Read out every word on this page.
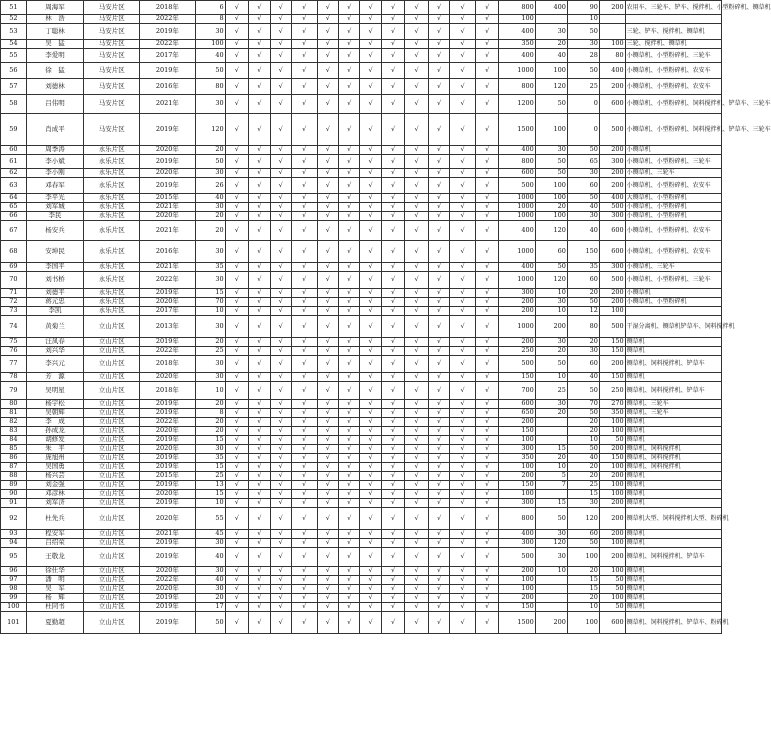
51	周海军	马安片区	2018年	6	√	√	√	√	√	√	√	√	√	√	√	√	800	400	90	200	农用车、三轮车、铲车、搅拌机、小型粉碎机、铡草机
52	林　浩	马安片区	2022年	8	√	√	√	√	√	√	√	√	√	√	√	√	100		10		
53	丁聪林	马安片区	2019年	30	√	√	√	√	√	√	√	√	√	√	√	√	400	30	50		三轮、铲车、搅拌机、铡草机
54	吴　猛	马安片区	2022年	100	√	√	√	√	√	√	√	√	√	√	√	√	350	20	30	100	三轮、搅拌机、铡草机
55	李爱明	马安片区	2017年	40	√	√	√	√	√	√	√	√	√	√	√	√	400	40	28	80	小铡草机、小型粉碎机、三轮车
56	徐　猛	马安片区	2019年	50	√	√	√	√	√	√	√	√	√	√	√	√	1000	100	50	400	小铡草机、小型粉碎机、农安车
57	刘德林	马安片区	2016年	80	√	√	√	√	√	√	√	√	√	√	√	√	800	120	25	200	小铡草机、小型粉碎机、农安车
58	吕伟明	马安片区	2021年	30	√	√	√	√	√	√	√	√	√	√	√	√	1200	50	0	600	小铡草机、小型粉碎机、饲料搅拌机、铲草车、三轮车
59	肖成平	马安片区	2019年	120	√	√	√	√	√	√	√	√	√	√	√	√	1500	100	0	500	小铡草机、小型粉碎机、饲料搅拌机、铲草车、三轮车
60	周季涛	永乐片区	2020年	20	√	√	√	√	√	√	√	√	√	√	√	√	400	30	50	200	小铡草机
61	李小斌	永乐片区	2019年	50	√	√	√	√	√	√	√	√	√	√	√	√	800	50	65	300	小铡草机、小型粉碎机、三轮车
62	李小刚	永乐片区	2020年	30	√	√	√	√	√	√	√	√	√	√	√	√	600	50	30	200	小铡草机、三轮车
63	邓春军	永乐片区	2019年	26	√	√	√	√	√	√	√	√	√	√	√	√	500	100	60	200	小铡草机、小型粉碎机、农安车
64	李平光	永乐片区	2015年	40	√	√	√	√	√	√	√	√	√	√	√	√	1000	100	50	400	大铡草机、小型粉碎机
65	刘军城	永乐片区	2021年	30	√	√	√	√	√	√	√	√	√	√	√	√	1000	20	40	500	小铡草机、小型粉碎机
66	李民	永乐片区	2020年	20	√	√	√	√	√	√	√	√	√	√	√	√	1000	100	30	300	小铡草机、小型粉碎机
67	杨安兵	永乐片区	2021年	20	√	√	√	√	√	√	√	√	√	√	√	√	400	120	40	600	小铡草机、小型粉碎机、农安车
68	安坤民	永乐片区	2016年	30	√	√	√	√	√	√	√	√	√	√	√	√	1000	60	150	600	小铡草机、小型粉碎机、农安车
69	李国平	永乐片区	2021年	35	√	√	√	√	√	√	√	√	√	√	√	√	400	50	35	300	小铡草机、三轮车
70	刘书桥	永乐片区	2022年	30	√	√	√	√	√	√	√	√	√	√	√	√	1000	120	60	500	小铡草机、小型粉碎机、三轮车
71	刘德平	永乐片区	2019年	15	√	√	√	√	√	√	√	√	√	√	√	√	300	10	20	200	小铡草机
72	蒋元忠	永乐片区	2020年	70	√	√	√	√	√	√	√	√	√	√	√	√	200	30	50	200	小铡草机、小型粉碎机
73	李凯	永乐片区	2017年	10	√	√	√	√	√	√	√	√	√	√	√	√	200	10	12	100	
74	黄菊兰	立山片区	2013年	30	√	√	√	√	√	√	√	√	√	√	√	√	1000	200	80	500	干湿分离机、铡草机铲草车、饲料搅拌机
75	汪凤春	立山片区	2019年	20	√	√	√	√	√	√	√	√	√	√	√	√	200	30	20	150	铡草机
76	刘兴华	立山片区	2022年	25	√	√	√	√	√	√	√	√	√	√	√	√	250	20	30	150	铡草机
77	李兴元	立山片区	2018年	30	√	√	√	√	√	√	√	√	√	√	√	√	500	50	60	200	铡草机、饲料搅拌机、铲草车
78	芳　源	立山片区	2020年	30	√	√	√	√	√	√	√	√	√	√	√	√	150	10	40	150	铡草机
79	吴明星	立山片区	2018年	10	√	√	√	√	√	√	√	√	√	√	√	√	700	25	50	250	铡草机、饲料搅拌机、铲草车
80	杨宇松	立山片区	2019年	20	√	√	√	√	√	√	√	√	√	√	√	√	600	30	70	270	铡草机、三轮车
81	吴朝辉	立山片区	2019年	8	√	√	√	√	√	√	√	√	√	√	√	√	650	20	50	350	铡草机、三轮车
82	李　成	立山片区	2022年	20	√	√	√	√	√	√	√	√	√	√	√	√	200		20	100	铡草机
83	孙成龙	立山片区	2020年	20	√	√	√	√	√	√	√	√	√	√	√	√	150		20	100	铡草机
84	胡修发	立山片区	2019年	15	√	√	√	√	√	√	√	√	√	√	√	√	100		10	50	铡草机
85	朱　平	立山片区	2020年	30	√	√	√	√	√	√	√	√	√	√	√	√	300	15	50	200	铡草机、饲料搅拌机
86	庞旭州	立山片区	2019年	35	√	√	√	√	√	√	√	√	√	√	√	√	350	20	40	150	铡草机、饲料搅拌机
87	吴国勇	立山片区	2019年	15	√	√	√	√	√	√	√	√	√	√	√	√	100	10	20	100	铡草机、饲料搅拌机
88	杨兴芸	立山片区	2015年	25	√	√	√	√	√	√	√	√	√	√	√	√	200	5	20	200	铡草机
89	刘金强	立山片区	2019年	13	√	√	√	√	√	√	√	√	√	√	√	√	150	7	25	100	铡草机
90	邓彦林	立山片区	2020年	15	√	√	√	√	√	√	√	√	√	√	√	√	100		15	100	铡草机
91	刘军济	立山片区	2019年	10	√	√	√	√	√	√	√	√	√	√	√	√	300	15	30	200	铡草机
92	杜先兵	立山片区	2020年	55	√	√	√	√	√	√	√	√	√	√	√	√	800	50	120	200	铡草机大型、饲料搅拌机大型、粉碎机
93	程安军	立山片区	2021年	45	√	√	√	√	√	√	√	√	√	√	√	√	400	30	60	200	铡草机
94	吕绍荣	立山片区	2019年	30	√	√	√	√	√	√	√	√	√	√	√	√	300	120	50	100	铡草机
95	王敬龙	立山片区	2019年	40	√	√	√	√	√	√	√	√	√	√	√	√	500	30	100	200	铡草机、饲料搅拌机、铲草车
96	徐仕华	立山片区	2020年	30	√	√	√	√	√	√	√	√	√	√	√	√	200	10	20	100	铡草机
97	潘　明	立山片区	2022年	40	√	√	√	√	√	√	√	√	√	√	√	√	100		15	50	铡草机
98	吴　军	立山片区	2020年	30	√	√	√	√	√	√	√	√	√	√	√	√	100		15	50	铡草机
99	杨　辉	立山片区	2019年	20	√	√	√	√	√	√	√	√	√	√	√	√	200		20	100	铡草机
100	杜同书	立山片区	2019年	17	√	√	√	√	√	√	√	√	√	√	√	√	150		10	50	铡草机
101	夏勤超	立山片区	2019年	50	√	√	√	√	√	√	√	√	√	√	√	√	1500	200	100	600	铡草机、饲料搅拌机、铲草车、粉碎机
